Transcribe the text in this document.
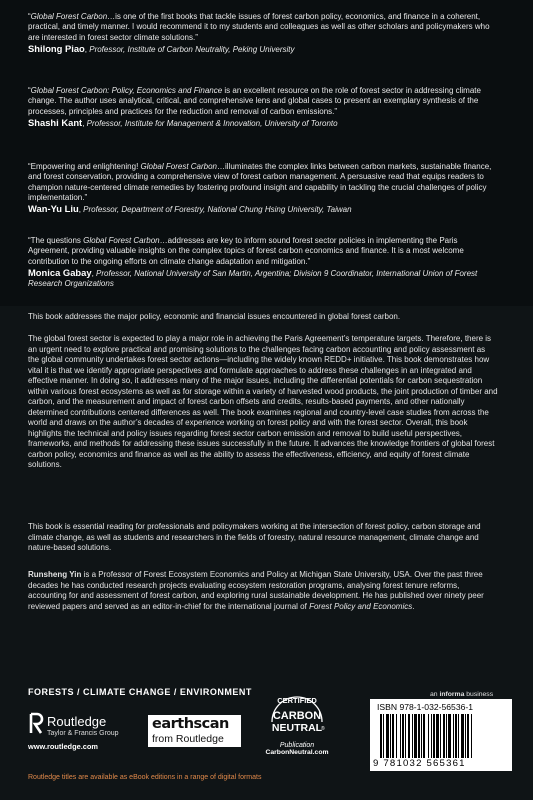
“Global Forest Carbon…is one of the first books that tackle issues of forest carbon policy, economics, and finance in a coherent, practical, and timely manner. I would recommend it to my students and colleagues as well as other scholars and policymakers who are interested in forest sector climate solutions.”

Shilong Piao, Professor, Institute of Carbon Neutrality, Peking University

“Global Forest Carbon: Policy, Economics and Finance is an excellent resource on the role of forest sector in addressing climate change. The author uses analytical, critical, and comprehensive lens and global cases to present an exemplary synthesis of the processes, principles and practices for the reduction and removal of carbon emissions.”

Shashi Kant, Professor, Institute for Management & Innovation, University of Toronto

“Empowering and enlightening! Global Forest Carbon…illuminates the complex links between carbon markets, sustainable finance, and forest conservation, providing a comprehensive view of forest carbon management. A persuasive read that equips readers to champion nature-centered climate remedies by fostering profound insight and capability in tackling the crucial challenges of policy implementation.”

Wan-Yu Liu, Professor, Department of Forestry, National Chung Hsing University, Taiwan

“The questions Global Forest Carbon…addresses are key to inform sound forest sector policies in implementing the Paris Agreement, providing valuable insights on the complex topics of forest carbon economics and finance. It is a most welcome contribution to the ongoing efforts on climate change adaptation and mitigation.”

Monica Gabay, Professor, National University of San Martin, Argentina; Division 9 Coordinator, International Union of Forest Research Organizations

This book addresses the major policy, economic and financial issues encountered in global forest carbon.

The global forest sector is expected to play a major role in achieving the Paris Agreement’s temperature targets. Therefore, there is an urgent need to explore practical and promising solutions to the challenges facing carbon accounting and policy assessment as the global community undertakes forest sector actions—including the widely known REDD+ initiative. This book demonstrates how vital it is that we identify appropriate perspectives and formulate approaches to address these challenges in an integrated and effective manner. In doing so, it addresses many of the major issues, including the differential potentials for carbon sequestration within various forest ecosystems as well as for storage within a variety of harvested wood products, the joint production of timber and carbon, and the measurement and impact of forest carbon offsets and credits, results-based payments, and other nationally determined contributions centered differences as well. The book examines regional and country-level case studies from across the world and draws on the author’s decades of experience working on forest policy and with the forest sector. Overall, this book highlights the technical and policy issues regarding forest sector carbon emission and removal to build useful perspectives, frameworks, and methods for addressing these issues successfully in the future. It advances the knowledge frontiers of global forest carbon policy, economics and finance as well as the ability to assess the effectiveness, efficiency, and equity of forest climate solutions.

This book is essential reading for professionals and policymakers working at the intersection of forest policy, carbon storage and climate change, as well as students and researchers in the fields of forestry, natural resource management, climate change and nature-based solutions.

Runsheng Yin is a Professor of Forest Ecosystem Economics and Policy at Michigan State University, USA. Over the past three decades he has conducted research projects evaluating ecosystem restoration programs, analysing forest tenure reforms, accounting for and assessment of forest carbon, and exploring rural sustainable development. He has published over ninety peer reviewed papers and served as an editor-in-chief for the international journal of Forest Policy and Economics.

FORESTS / CLIMATE CHANGE / ENVIRONMENT	an informa business
Routledge
Taylor & Francis Group
www.routledge.com
earthscan
from Routledge
CERTIFIED
CARBON
NEUTRAL
®
Publication
CarbonNeutral.com
ISBN 978-1-032-56536-1
9 781032 565361
Routledge titles are available as eBook editions in a range of digital formats
